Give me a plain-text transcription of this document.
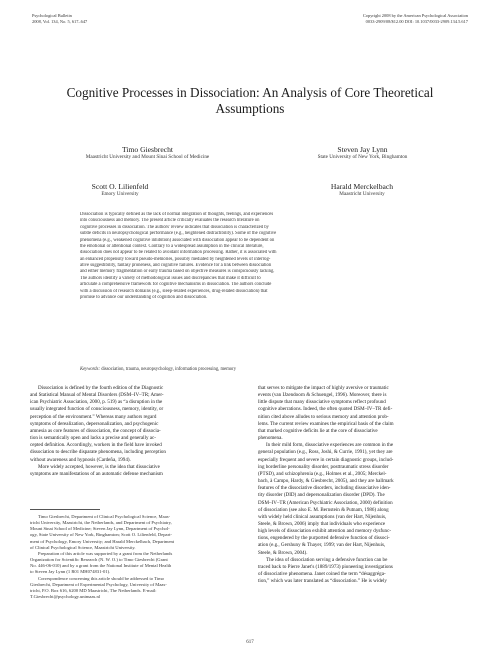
Psychological Bulletin
2008, Vol. 134, No. 5, 617–647
Copyright 2008 by the American Psychological Association
0033-2909/08/$12.00 DOI: 10.1037/0033-2909.134.5.617
Cognitive Processes in Dissociation: An Analysis of Core Theoretical
Assumptions
Timo Giesbrecht
Maastricht University and Mount Sinai School of Medicine
Steven Jay Lynn
State University of New York, Binghamton
Scott O. Lilienfeld
Emory University
Harald Merckelbach
Maastricht University
Dissociation is typically defined as the lack of normal integration of thoughts, feelings, and experiences
into consciousness and memory. The present article critically evaluates the research literature on
cognitive processes in dissociation. The authors' review indicates that dissociation is characterized by
subtle deficits in neuropsychological performance (e.g., heightened distractibility). Some of the cognitive
phenomena (e.g., weakened cognitive inhibition) associated with dissociation appear to be dependent on
the emotional or attentional context. Contrary to a widespread assumption in the clinical literature,
dissociation does not appear to be related to avoidant information processing. Rather, it is associated with
an enhanced propensity toward pseudo-memories, possibly mediated by heightened levels of interrog-
ative suggestibility, fantasy proneness, and cognitive failures. Evidence for a link between dissociation
and either memory fragmentation or early trauma based on objective measures is conspicuously lacking.
The authors identify a variety of methodological issues and discrepancies that make it difficult to
articulate a comprehensive framework for cognitive mechanisms in dissociation. The authors conclude
with a discussion of research domains (e.g., sleep-related experiences, drug-related dissociation) that
promise to advance our understanding of cognition and dissociation.
Keywords: dissociation, trauma, neuropsychology, information processing, memory
Dissociation is defined by the fourth edition of the Diagnostic
and Statistical Manual of Mental Disorders (DSM–IV–TR; Amer-
ican Psychiatric Association, 2000, p. 519) as “a disruption in the
usually integrated function of consciousness, memory, identity, or
perception of the environment.” Whereas many authors regard
symptoms of derealization, depersonalization, and psychogenic
amnesia as core features of dissociation, the concept of dissocia-
tion is semantically open and lacks a precise and generally ac-
cepted definition. Accordingly, workers in the field have invoked
dissociation to describe disparate phenomena, including perception
without awareness and hypnosis (Cardeña, 1994).
More widely accepted, however, is the idea that dissociative
symptoms are manifestations of an automatic defense mechanism
Timo Giesbrecht, Department of Clinical Psychological Science, Maas-
tricht University, Maastricht, the Netherlands, and Department of Psychiatry,
Mount Sinai School of Medicine; Steven Jay Lynn, Department of Psychol-
ogy, State University of New York, Binghamton; Scott O. Lilienfeld, Depart-
ment of Psychology, Emory University; and Harald Merckelbach, Department
of Clinical Psychological Science, Maastricht University.
Preparation of this article was supported by a grant from the Netherlands
Organization for Scientific Research (N. W. O.) to Timo Giesbrecht (Grant
No. 446-06-010) and by a grant from the National Institute of Mental Health
to Steven Jay Lynn (1 R01 MH074831-01).
Correspondence concerning this article should be addressed to Timo
Giesbrecht, Department of Experimental Psychology, University of Maas-
tricht, P.O. Box 616, 6200 MD Maastricht, The Netherlands. E-mail:
T.Giesbrecht@psychology.unimaas.nl
that serves to mitigate the impact of highly aversive or traumatic
events (van IJzendoorn & Schuengel, 1996). Moreover, there is
little dispute that many dissociative symptoms reflect profound
cognitive aberrations. Indeed, the often quoted DSM–IV–TR defi-
nition cited above alludes to serious memory and attention prob-
lems. The current review examines the empirical basis of the claim
that marked cognitive deficits lie at the core of dissociative
phenomena.
In their mild form, dissociative experiences are common in the
general population (e.g., Ross, Joshi, & Currie, 1991), yet they are
especially frequent and severe in certain diagnostic groups, includ-
ing borderline personality disorder, posttraumatic stress disorder
(PTSD), and schizophrenia (e.g., Holmes et al., 2005; Merckel-
bach, à Campo, Hardy, & Giesbrecht, 2005), and they are hallmark
features of the dissociative disorders, including dissociative iden-
tity disorder (DID) and depersonalization disorder (DPD). The
DSM–IV–TR (American Psychiatric Association, 2000) definition
of dissociation (see also E. M. Bernstein & Putnam, 1986) along
with widely held clinical assumptions (van der Hart, Nijenhuis,
Steele, & Brown, 2006) imply that individuals who experience
high levels of dissociation exhibit attention and memory dysfunc-
tions, engendered by the purported defensive function of dissoci-
ation (e.g., Gershuny & Thayer, 1999; van der Hart, Nijenhuis,
Steele, & Brown, 2004).
The idea of dissociation serving a defensive function can be
traced back to Pierre Janet's (1889/1973) pioneering investigations
of dissociative phenomena. Janet coined the term “désaggréga-
tion,” which was later translated as “dissociation.” He is widely
617
